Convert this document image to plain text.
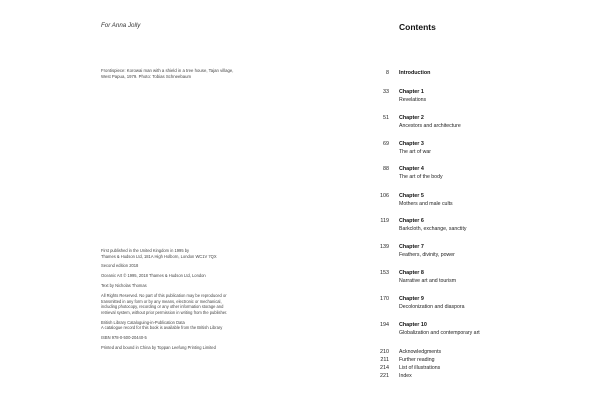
For Anna Jolly
Frontispiece: Korowai man with a shield in a tree house, Tajan village,
West Papua, 1979. Photo: Tobias Schneebaum
First published in the United Kingdom in 1995 by
Thames & Hudson Ltd, 181A High Holborn, London WC1V 7QX
Second edition 2018
Oceanic Art © 1995, 2018 Thames & Hudson Ltd, London
Text by Nicholas Thomas
All Rights Reserved. No part of this publication may be reproduced or
transmitted in any form or by any means, electronic or mechanical,
including photocopy, recording or any other information storage and
retrieval system, without prior permission in writing from the publisher.
British Library Cataloguing-in-Publication Data
A catalogue record for this book is available from the British Library
ISBN 978-0-500-20440-5
Printed and bound in China by Toppan Leefung Printing Limited
Contents
8 Introduction
33 Chapter 1
Revelations
51 Chapter 2
Ancestors and architecture
69 Chapter 3
The art of war
88 Chapter 4
The art of the body
106 Chapter 5
Mothers and male cults
119 Chapter 6
Barkcloth, exchange, sanctity
139 Chapter 7
Feathers, divinity, power
153 Chapter 8
Narrative art and tourism
170 Chapter 9
Decolonization and diaspora
194 Chapter 10
Globalization and contemporary art
210 Acknowledgments
211 Further reading
214 List of illustrations
221 Index
